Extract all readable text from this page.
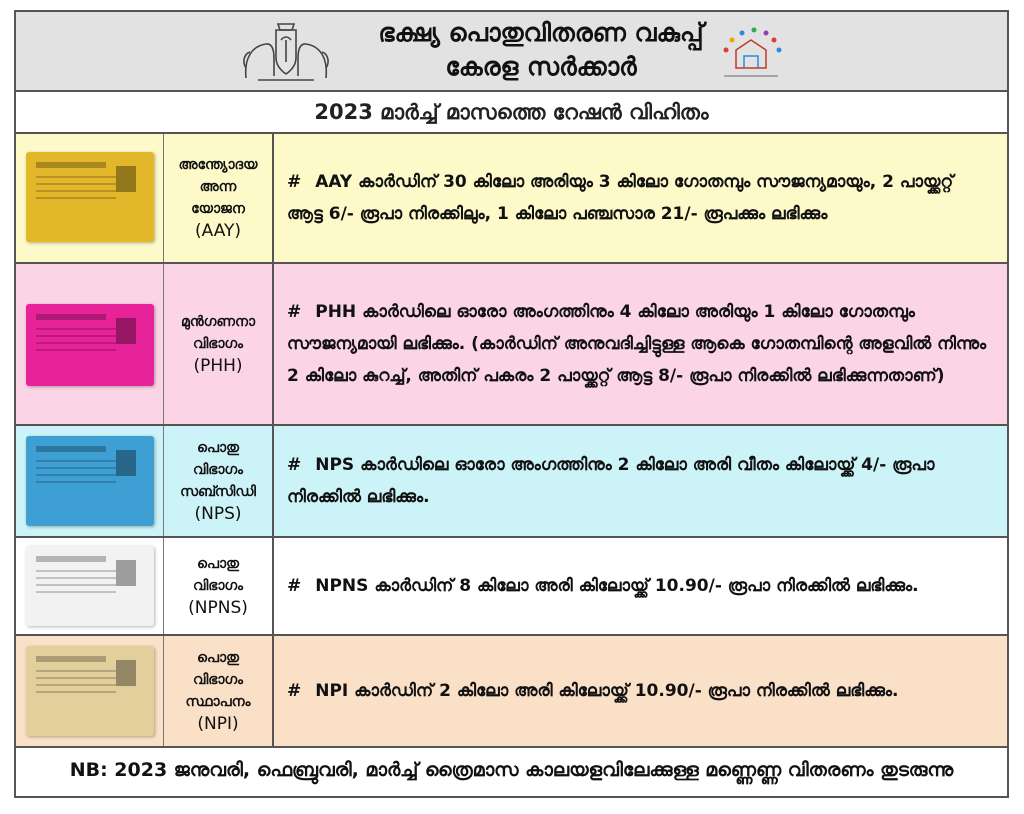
ഭക്ഷ്യ പൊതുവിതരണ വകുപ്പ്
കേരള സർക്കാർ
2023 മാർച്ച് മാസത്തെ റേഷൻ വിഹിതം
അന്ത്യോദയ
അന്ന
യോജന
(AAY)
# AAY കാർഡിന് 30 കിലോ അരിയും 3 കിലോ ഗോതമ്പും സൗജന്യമായും, 2 പായ്ക്കറ്റ് ആട്ട 6/- രൂപാ നിരക്കിലും, 1 കിലോ പഞ്ചസാര 21/- രൂപക്കും ലഭിക്കും
മുൻഗണനാ
വിഭാഗം
(PHH)
# PHH കാർഡിലെ ഓരോ അംഗത്തിനും 4 കിലോ അരിയും 1 കിലോ ഗോതമ്പും സൗജന്യമായി ലഭിക്കും. (കാർഡിന് അനുവദിച്ചിട്ടുള്ള ആകെ ഗോതമ്പിന്റെ അളവിൽ നിന്നും 2 കിലോ കുറച്ച്, അതിന് പകരം 2 പായ്ക്കറ്റ് ആട്ട 8/- രൂപാ നിരക്കിൽ ലഭിക്കുന്നതാണ്)
പൊതു
വിഭാഗം
സബ്സിഡി
(NPS)
# NPS കാർഡിലെ ഓരോ അംഗത്തിനും 2 കിലോ അരി വീതം കിലോയ്ക്ക് 4/- രൂപാ നിരക്കിൽ ലഭിക്കും.
പൊതു
വിഭാഗം
(NPNS)
# NPNS കാർഡിന് 8 കിലോ അരി കിലോയ്ക്ക് 10.90/- രൂപാ നിരക്കിൽ ലഭിക്കും.
പൊതു
വിഭാഗം
സ്ഥാപനം
(NPI)
# NPI കാർഡിന് 2 കിലോ അരി കിലോയ്ക്ക് 10.90/- രൂപാ നിരക്കിൽ ലഭിക്കും.
NB: 2023 ജനുവരി, ഫെബ്രുവരി, മാർച്ച് ത്രൈമാസ കാലയളവിലേക്കുള്ള മണ്ണെണ്ണ വിതരണം തുടരുന്നു
